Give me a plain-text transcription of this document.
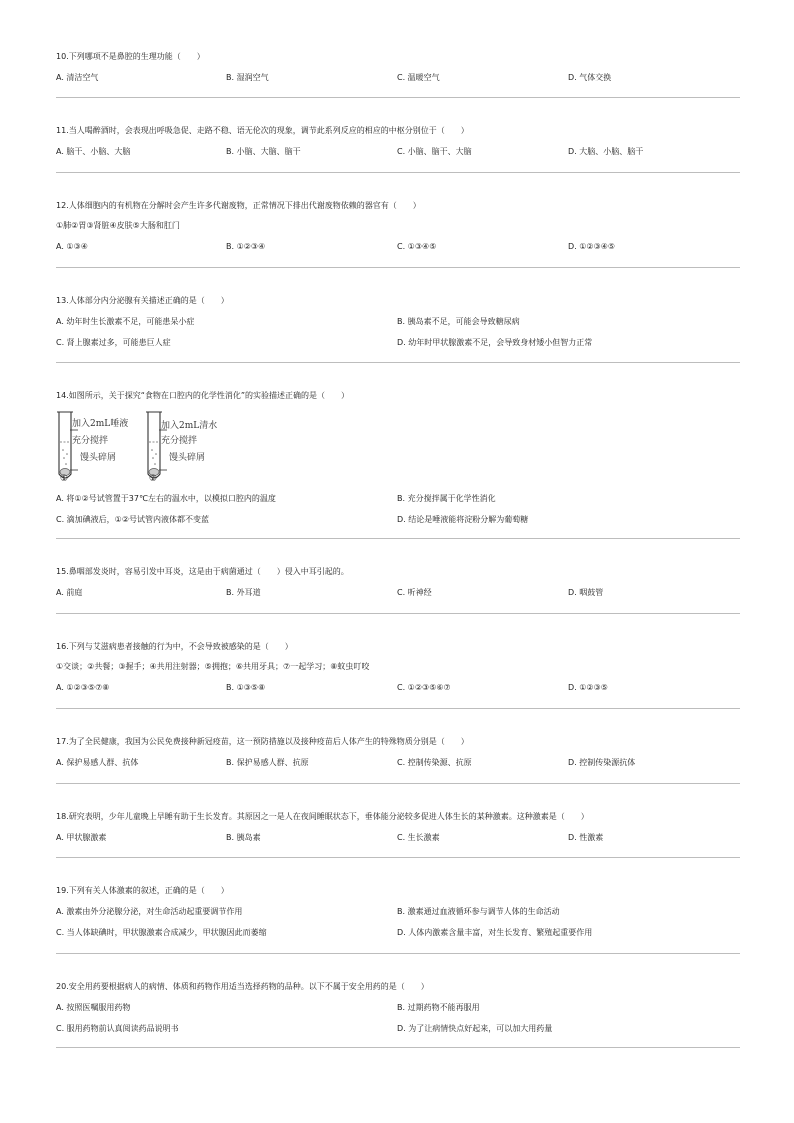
10.下列哪项不是鼻腔的生理功能（　　）
A. 清洁空气	B. 湿润空气	C. 温暖空气	D. 气体交换
11.当人喝醉酒时，会表现出呼吸急促、走路不稳、语无伦次的现象，调节此系列反应的相应的中枢分别位于（　　）
A. 脑干、小脑、大脑	B. 小脑、大脑、脑干	C. 小脑、脑干、大脑	D. 大脑、小脑、脑干
12.人体细胞内的有机物在分解时会产生许多代谢废物，正常情况下排出代谢废物依赖的器官有（　　）
①肺②胃③肾脏④皮肤⑤大肠和肛门
A. ①③④	B. ①②③④	C. ①③④⑤	D. ①②③④⑤
13.人体部分内分泌腺有关描述正确的是（　　）
A. 幼年时生长激素不足，可能患呆小症	B. 胰岛素不足，可能会导致糖尿病
C. 肾上腺素过多，可能患巨人症	D. 幼年时甲状腺激素不足，会导致身材矮小但智力正常
14.如图所示，关于探究“食物在口腔内的化学性消化”的实验描述正确的是（　　）
加入2mL唾液
充分搅拌
馒头碎屑
加入2mL清水
充分搅拌
馒头碎屑
①	②
A. 将①②号试管置于37℃左右的温水中，以模拟口腔内的温度	B. 充分搅拌属于化学性消化
C. 滴加碘液后，①②号试管内液体都不变蓝	D. 结论是唾液能将淀粉分解为葡萄糖
15.鼻咽部发炎时，容易引发中耳炎，这是由于病菌通过（　　）侵入中耳引起的。
A. 前庭	B. 外耳道	C. 听神经	D. 咽鼓管
16.下列与艾滋病患者接触的行为中，不会导致被感染的是（　　）
①交谈；②共餐；③握手；④共用注射器；⑤拥抱；⑥共用牙具；⑦一起学习；⑧蚊虫叮咬
A. ①②③⑤⑦⑧	B. ①③⑤⑧	C. ①②③⑤⑥⑦	D. ①②③⑤
17.为了全民健康，我国为公民免费接种新冠疫苗，这一预防措施以及接种疫苗后人体产生的特殊物质分别是（　　）
A. 保护易感人群、抗体	B. 保护易感人群、抗原	C. 控制传染源、抗原	D. 控制传染源抗体
18.研究表明，少年儿童晚上早睡有助于生长发育。其原因之一是人在夜间睡眠状态下，垂体能分泌较多促进人体生长的某种激素。这种激素是（　　）
A. 甲状腺激素	B. 胰岛素	C. 生长激素	D. 性激素
19.下列有关人体激素的叙述，正确的是（　　）
A. 激素由外分泌腺分泌，对生命活动起重要调节作用	B. 激素通过血液循环参与调节人体的生命活动
C. 当人体缺碘时，甲状腺激素合成减少，甲状腺因此而萎缩	D. 人体内激素含量丰富，对生长发育、繁殖起重要作用
20.安全用药要根据病人的病情、体质和药物作用适当选择药物的品种。以下不属于安全用药的是（　　）
A. 按照医嘱服用药物	B. 过期药物不能再服用
C. 服用药物前认真阅读药品说明书	D. 为了让病情快点好起来，可以加大用药量
